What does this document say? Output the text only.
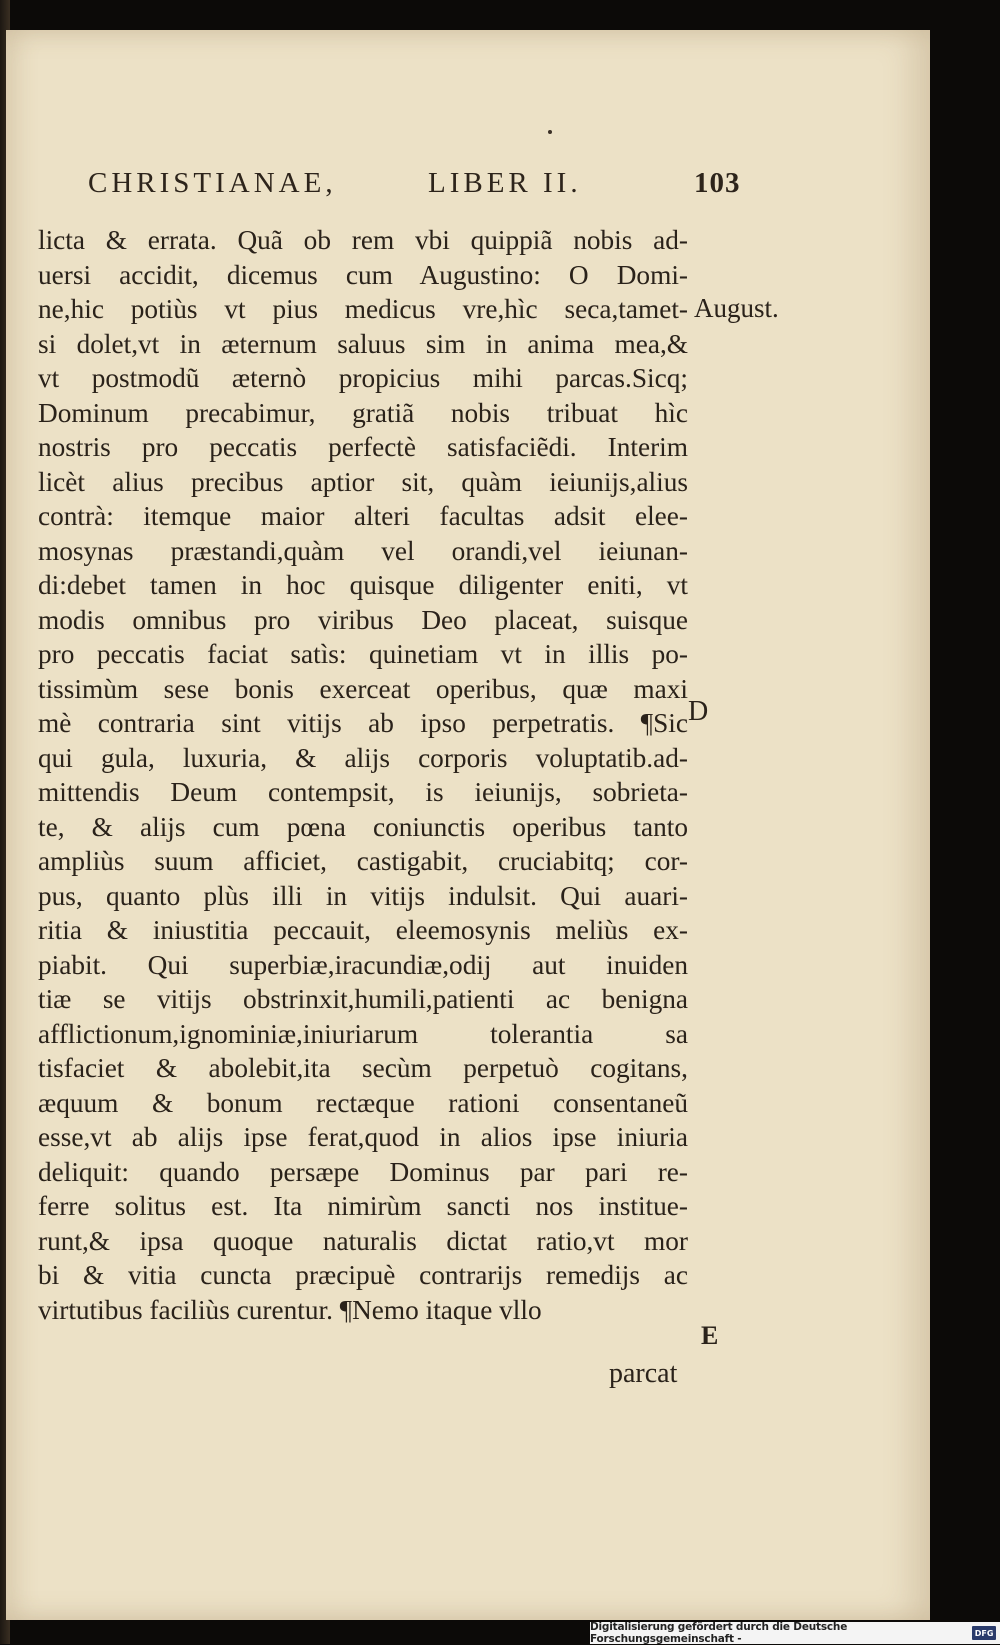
CHRISTIANAE,	LIBER II.	103
licta & errata. Quã ob rem vbi quippiã nobis ad-
uersi accidit, dicemus cum Augustino: O Domi-
ne,hic potiùs vt pius medicus vre,hìc seca,tamet-
si dolet,vt in æternum saluus sim in anima mea,&
vt postmodũ æternò propicius mihi parcas.Sicq;
Dominum precabimur, gratiã nobis tribuat hìc
nostris pro peccatis perfectè satisfaciẽdi. Interim
licèt alius precibus aptior sit, quàm ieiunijs,alius
contrà: itemque maior alteri facultas adsit elee-
mosynas præstandi,quàm vel orandi,vel ieiunan-
di:debet tamen in hoc quisque diligenter eniti, vt
modis omnibus pro viribus Deo placeat, suisque
pro peccatis faciat satìs: quinetiam vt in illis po-
tissimùm sese bonis exerceat operibus, quæ maxi
mè contraria sint vitijs ab ipso perpetratis. ¶Sic
qui gula, luxuria, & alijs corporis voluptatib.ad-
mittendis Deum contempsit, is ieiunijs, sobrieta-
te, & alijs cum pœna coniunctis operibus tanto
ampliùs suum afficiet, castigabit, cruciabitq; cor-
pus, quanto plùs illi in vitijs indulsit. Qui auari-
ritia & iniustitia peccauit, eleemosynis meliùs ex-
piabit. Qui superbiæ,iracundiæ,odij aut inuiden
tiæ se vitijs obstrinxit,humili,patienti ac benigna
afflictionum,ignominiæ,iniuriarum tolerantia sa
tisfaciet & abolebit,ita secùm perpetuò cogitans,
æquum & bonum rectæque rationi consentaneũ
esse,vt ab alijs ipse ferat,quod in alios ipse iniuria
deliquit: quando persæpe Dominus par pari re-
ferre solitus est. Ita nimirùm sancti nos instituе-
runt,& ipsa quoque naturalis dictat ratio,vt mor
bi & vitia cuncta præcipuè contrarijs remedijs ac
virtutibus faciliùs curentur. ¶Nemo itaque vllo
August.
D
E
parcat
Digitalisierung gefördert durch die Deutsche Forschungsgemeinschaft -	DFG
